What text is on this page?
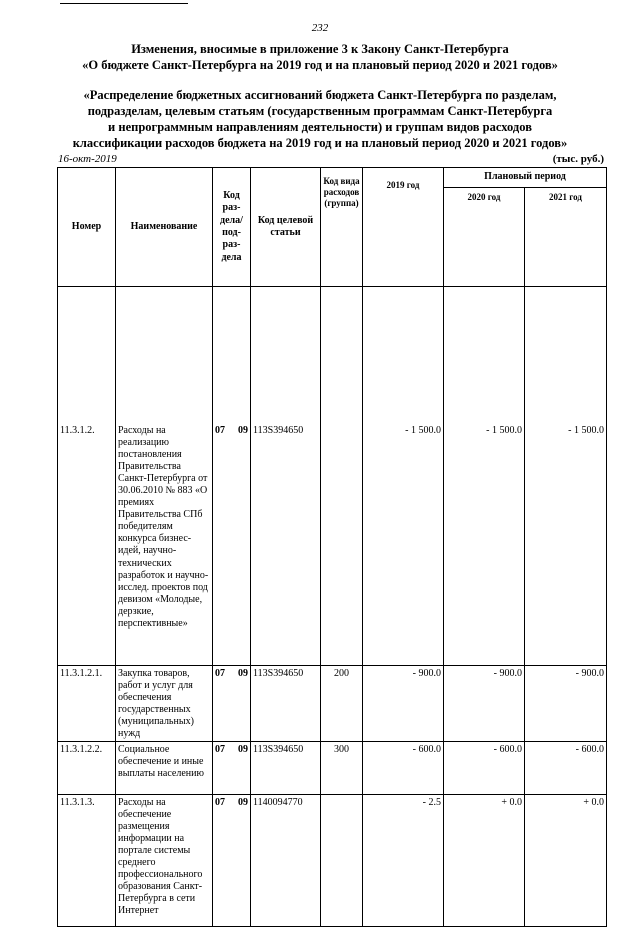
232
Изменения, вносимые в приложение 3 к Закону Санкт-Петербурга
«О бюджете Санкт-Петербурга на 2019 год и на плановый период 2020 и 2021 годов»
«Распределение бюджетных ассигнований бюджета Санкт-Петербурга по разделам,
подразделам, целевым статьям (государственным программам Санкт-Петербурга
и непрограммным направлениям деятельности) и группам видов расходов
классификации расходов бюджета на 2019 год и на плановый период 2020 и 2021 годов»
16-окт-2019	(тыс. руб.)
Номер	Наименование	Код раз-дела/ под-раз-дела	Код целевой статьи	Код вида расходов (группа)	2019 год	Плановый период	
						2020 год	2021 год

11.3.1.2.	Расходы на реализацию постановления Правительства Санкт-Петербурга от 30.06.2010 № 883 «О премиях Правительства СПб победителям конкурса бизнес-идей, научно-технических разработок и научно-исслед. проектов под девизом «Молодые, дерзкие, перспективные»	07 09	113S394650		- 1 500.0	- 1 500.0	- 1 500.0
11.3.1.2.1.	Закупка товаров, работ и услуг для обеспечения государственных (муниципальных) нужд	07 09	113S394650	200	- 900.0	- 900.0	- 900.0
11.3.1.2.2.	Социальное обеспечение и иные выплаты населению	07 09	113S394650	300	- 600.0	- 600.0	- 600.0
11.3.1.3.	Расходы на обеспечение размещения информации на портале системы среднего профессионального образования Санкт-Петербурга в сети Интернет	07 09	1140094770		- 2.5	+ 0.0	+ 0.0
